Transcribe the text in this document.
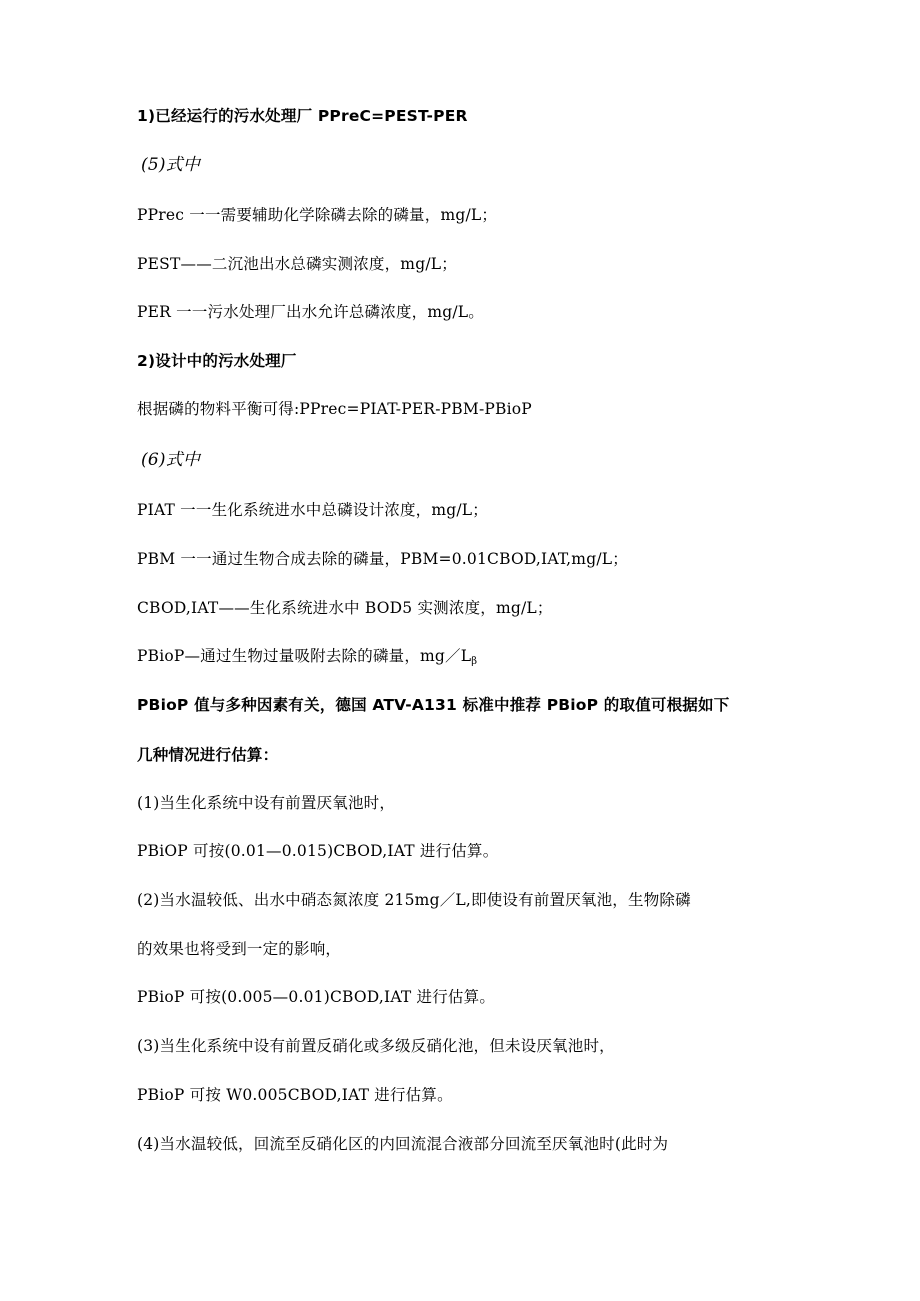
1)已经运行的污水处理厂 PPreC=PEST-PER
(5)式中
PPrec 一一需要辅助化学除磷去除的磷量，mg/L；
PEST——二沉池出水总磷实测浓度，mg/L；
PER 一一污水处理厂出水允许总磷浓度，mg/L。
2)设计中的污水处理厂
根据磷的物料平衡可得:PPrec=PIAT-PER-PBM-PBioP
(6)式中
PIAT 一一生化系统进水中总磷设计浓度，mg/L；
PBM 一一通过生物合成去除的磷量，PBM=0.01CBOD,IAT,mg/L；
CBOD,IAT——生化系统进水中 BOD5 实测浓度，mg/L；
PBioP—通过生物过量吸附去除的磷量，$mg/L_\beta$
PBioP 值与多种因素有关，德国 ATV-A131 标准中推荐 PBioP 的取值可根据如下
几种情况进行估算：
(1)当生化系统中设有前置厌氧池时，
PBiOP 可按(0.01—0.015)CBOD,IAT 进行估算。
(2)当水温较低、出水中硝态氮浓度 215mg／L,即使设有前置厌氧池，生物除磷
的效果也将受到一定的影响，
PBioP 可按(0.005—0.01)CBOD,IAT 进行估算。
(3)当生化系统中设有前置反硝化或多级反硝化池，但未设厌氧池时，
PBioP 可按 W0.005CBOD,IAT 进行估算。
(4)当水温较低，回流至反硝化区的内回流混合液部分回流至厌氧池时(此时为
